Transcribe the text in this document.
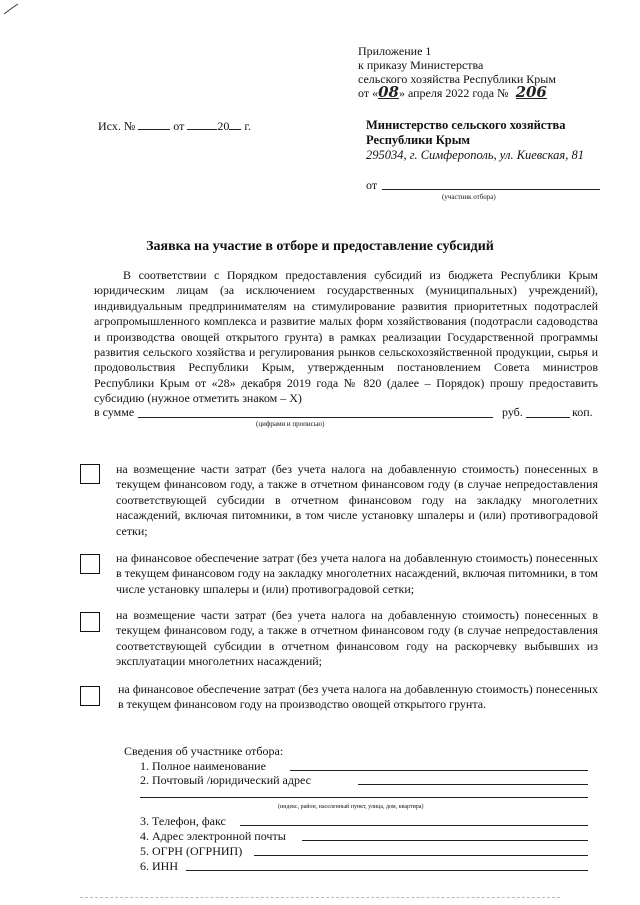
Приложение 1
к приказу Министерства
сельского хозяйства Республики Крым
от «08» апреля 2022 года № 206
Исх. №	от	20 г.	Министерство сельского хозяйства
Республики Крым
295034, г. Симферополь, ул. Киевская, 81
от
(участник отбора)
Заявка на участие в отборе и предоставление субсидий
В соответствии с Порядком предоставления субсидий из бюджета Республики Крым юридическим лицам (за исключением государственных (муниципальных) учреждений), индивидуальным предпринимателям на стимулирование развития приоритетных подотраслей агропромышленного комплекса и развитие малых форм хозяйствования (подотрасли садоводства и производства овощей открытого грунта) в рамках реализации Государственной программы развития сельского хозяйства и регулирования рынков сельскохозяйственной продукции, сырья и продовольствия Республики Крым, утвержденным постановлением Совета министров Республики Крым от «28» декабря 2019 года № 820 (далее – Порядок) прошу предоставить субсидию (нужное отметить знаком – X)
в сумме	руб.	коп.
(цифрами и прописью)
на возмещение части затрат (без учета налога на добавленную стоимость) понесенных в текущем финансовом году, а также в отчетном финансовом году (в случае непредоставления соответствующей субсидии в отчетном финансовом году на закладку многолетних насаждений, включая питомники, в том числе установку шпалеры и (или) противоградовой сетки;
на финансовое обеспечение затрат (без учета налога на добавленную стоимость) понесенных в текущем финансовом году на закладку многолетних насаждений, включая питомники, в том числе установку шпалеры и (или) противоградовой сетки;
на возмещение части затрат (без учета налога на добавленную стоимость) понесенных в текущем финансовом году, а также в отчетном финансовом году (в случае непредоставления соответствующей субсидии в отчетном финансовом году на раскорчевку выбывших из эксплуатации многолетних насаждений;
на финансовое обеспечение затрат (без учета налога на добавленную стоимость) понесенных в текущем финансовом году на производство овощей открытого грунта.
Сведения об участнике отбора:
1. Полное наименование
2. Почтовый /юридический адрес
(индекс, район, населенный пункт, улица, дом, квартира)
3. Телефон, факс
4. Адрес электронной почты
5. ОГРН (ОГРНИП)
6. ИНН
